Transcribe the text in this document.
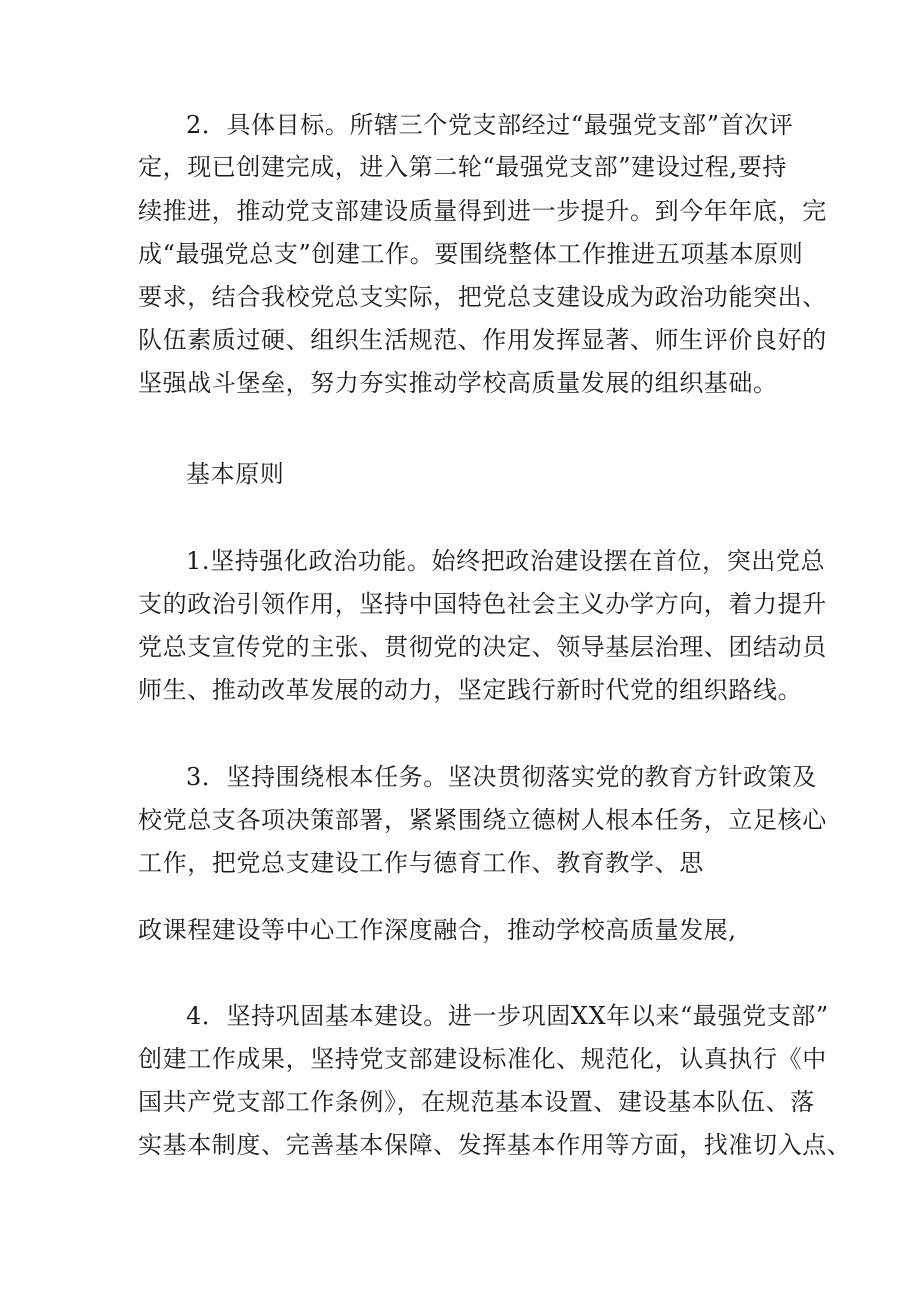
2．具体目标。所辖三个党支部经过“最强党支部”首次评
定，现已创建完成，进入第二轮“最强党支部”建设过程,要持
续推进，推动党支部建设质量得到进一步提升。到今年年底，完
成“最强党总支”创建工作。要围绕整体工作推进五项基本原则
要求，结合我校党总支实际，把党总支建设成为政治功能突出、
队伍素质过硬、组织生活规范、作用发挥显著、师生评价良好的
坚强战斗堡垒，努力夯实推动学校高质量发展的组织基础。
基本原则
1.坚持强化政治功能。始终把政治建设摆在首位，突出党总
支的政治引领作用，坚持中国特色社会主义办学方向，着力提升
党总支宣传党的主张、贯彻党的决定、领导基层治理、团结动员
师生、推动改革发展的动力，坚定践行新时代党的组织路线。
3．坚持围绕根本任务。坚决贯彻落实党的教育方针政策及
校党总支各项决策部署，紧紧围绕立德树人根本任务，立足核心
工作，把党总支建设工作与德育工作、教育教学、思
政课程建设等中心工作深度融合，推动学校高质量发展,
4．坚持巩固基本建设。进一步巩固XX年以来“最强党支部”
创建工作成果，坚持党支部建设标准化、规范化，认真执行《中
国共产党支部工作条例》，在规范基本设置、建设基本队伍、落
实基本制度、完善基本保障、发挥基本作用等方面，找准切入点、
